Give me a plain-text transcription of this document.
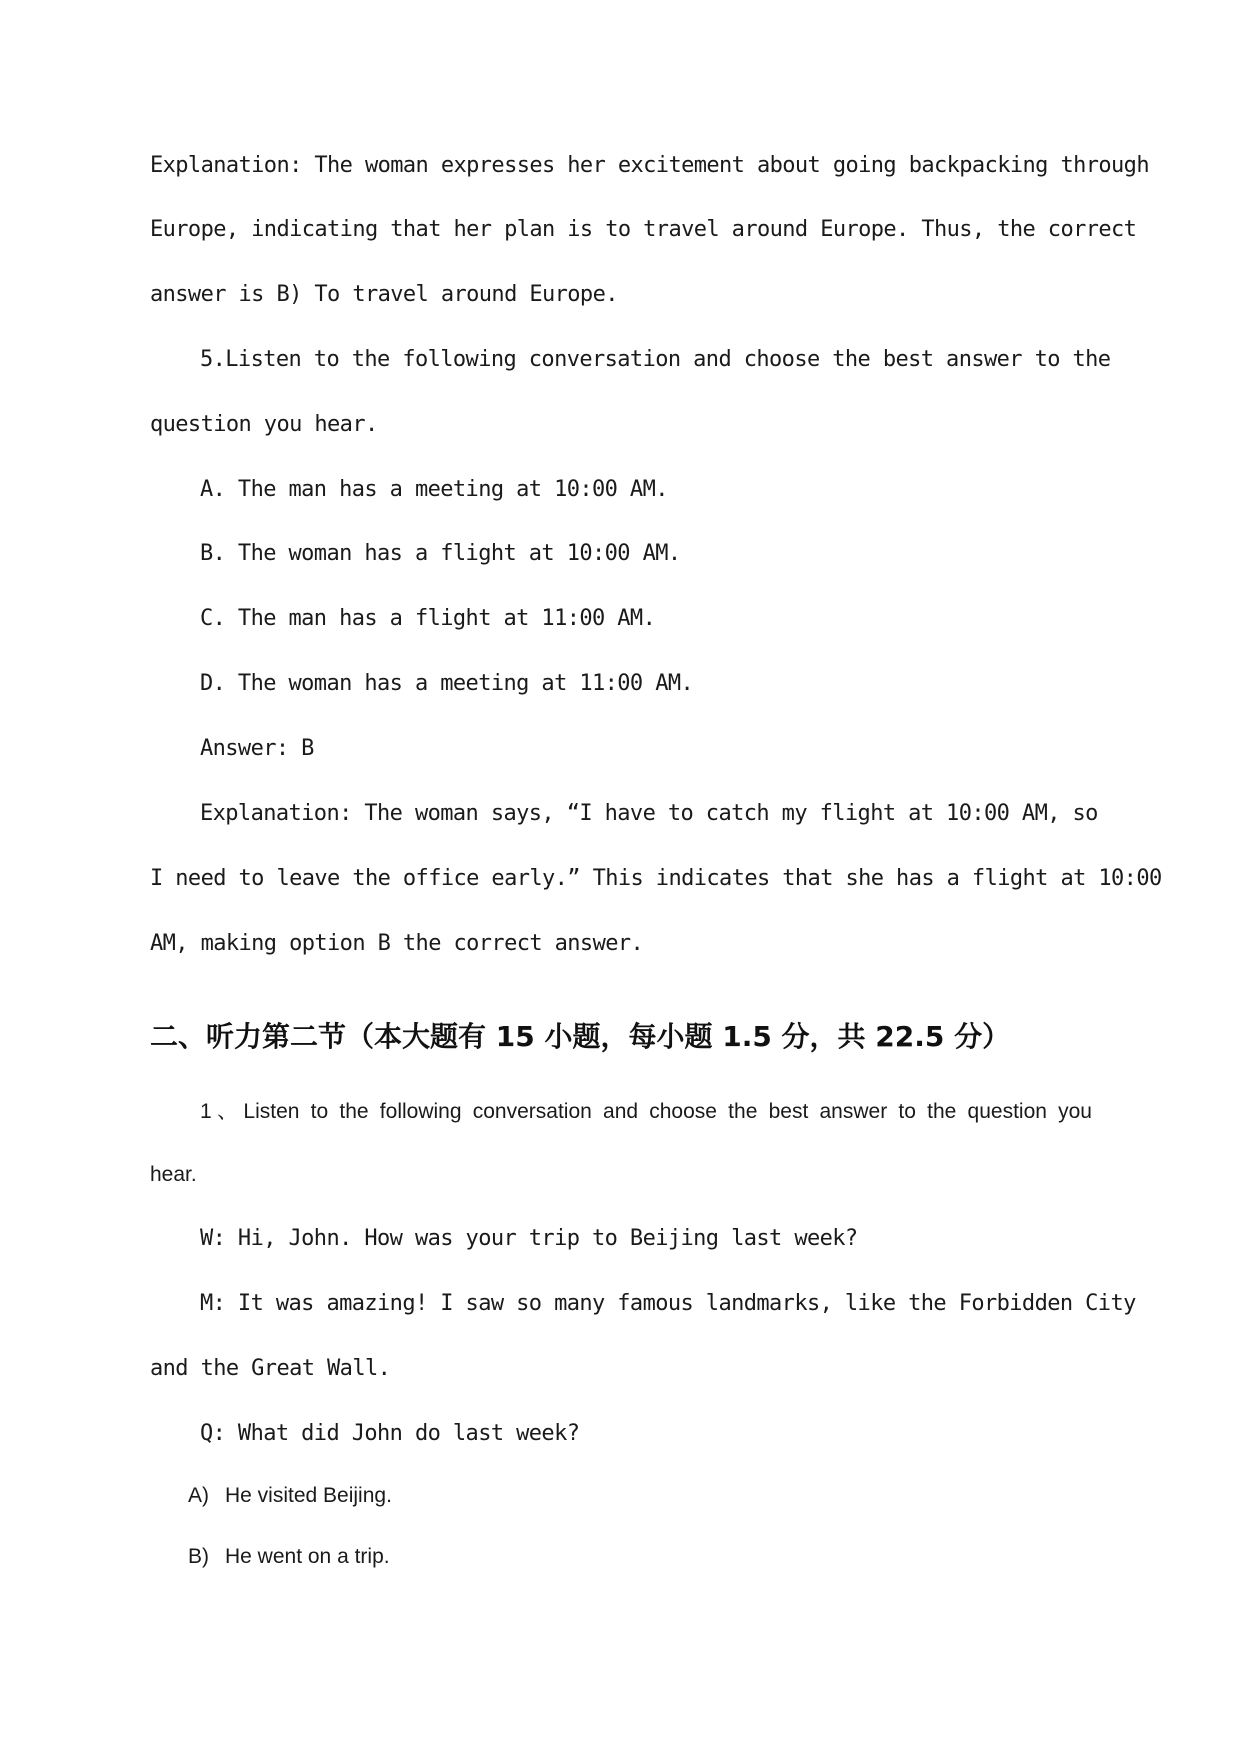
Explanation: The woman expresses her excitement about going backpacking through
Europe, indicating that her plan is to travel around Europe. Thus, the correct
answer is B) To travel around Europe.
5.Listen to the following conversation and choose the best answer to the
question you hear.
A. The man has a meeting at 10:00 AM.
B. The woman has a flight at 10:00 AM.
C. The man has a flight at 11:00 AM.
D. The woman has a meeting at 11:00 AM.
Answer: B
Explanation: The woman says, “I have to catch my flight at 10:00 AM, so
I need to leave the office early.” This indicates that she has a flight at 10:00
AM, making option B the correct answer.
二、听力第二节（本大题有 15 小题，每小题 1.5 分，共 22.5 分）
1、Listen to the following conversation and choose the best answer to the question you
hear.
W: Hi, John. How was your trip to Beijing last week?
M: It was amazing! I saw so many famous landmarks, like the Forbidden City
and the Great Wall.
Q: What did John do last week?
A) He visited Beijing.
B) He went on a trip.
